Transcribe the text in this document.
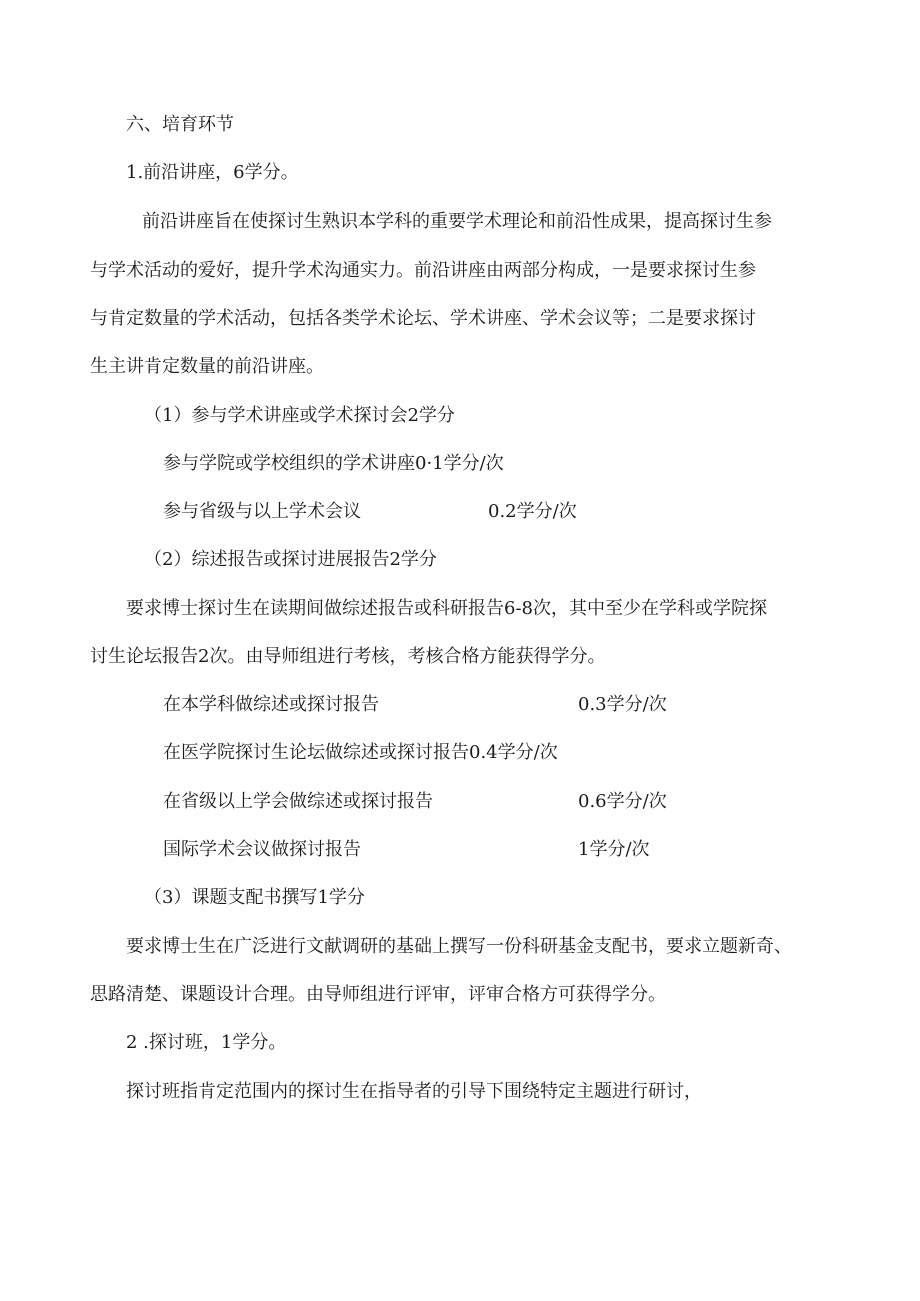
六、培育环节
1.前沿讲座，6学分。
前沿讲座旨在使探讨生熟识本学科的重要学术理论和前沿性成果，提高探讨生参
与学术活动的爱好，提升学术沟通实力。前沿讲座由两部分构成，一是要求探讨生参
与肯定数量的学术活动，包括各类学术论坛、学术讲座、学术会议等；二是要求探讨
生主讲肯定数量的前沿讲座。
（1）参与学术讲座或学术探讨会2学分
参与学院或学校组织的学术讲座0·1学分/次
参与省级与以上学术会议	0.2学分/次
（2）综述报告或探讨进展报告2学分
要求博士探讨生在读期间做综述报告或科研报告6-8次，其中至少在学科或学院探
讨生论坛报告2次。由导师组进行考核，考核合格方能获得学分。
在本学科做综述或探讨报告	0.3学分/次
在医学院探讨生论坛做综述或探讨报告0.4学分/次
在省级以上学会做综述或探讨报告	0.6学分/次
国际学术会议做探讨报告	1学分/次
（3）课题支配书撰写1学分
要求博士生在广泛进行文献调研的基础上撰写一份科研基金支配书，要求立题新奇、
思路清楚、课题设计合理。由导师组进行评审，评审合格方可获得学分。
2 .探讨班，1学分。
探讨班指肯定范围内的探讨生在指导者的引导下围绕特定主题进行研讨，
